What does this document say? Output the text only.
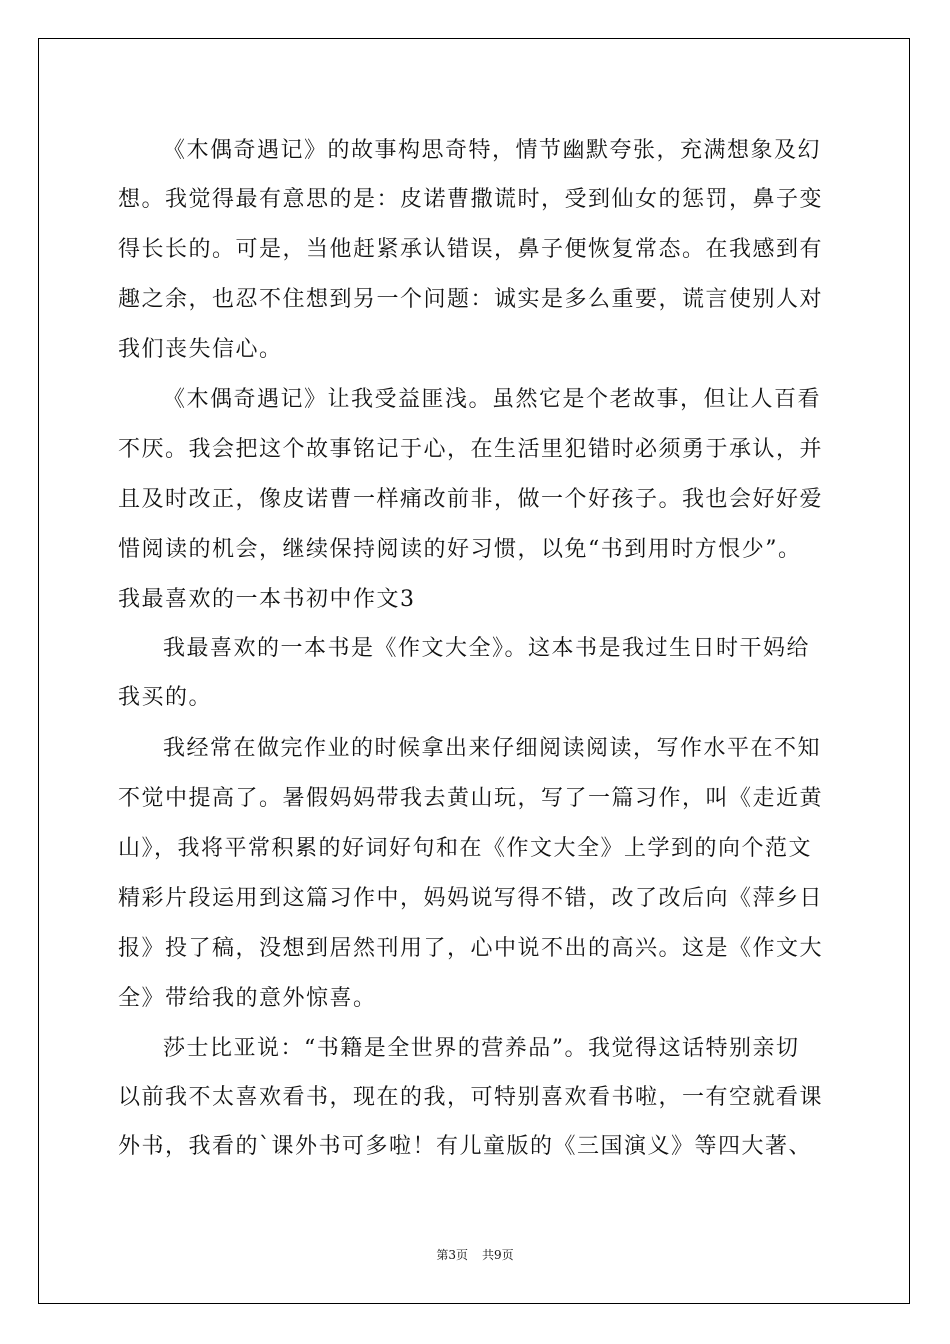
《木偶奇遇记》的故事构思奇特，情节幽默夸张，充满想象及幻

想。我觉得最有意思的是：皮诺曹撒谎时，受到仙女的惩罚，鼻子变

得长长的。可是，当他赶紧承认错误，鼻子便恢复常态。在我感到有

趣之余，也忍不住想到另一个问题：诚实是多么重要，谎言使别人对

我们丧失信心。

《木偶奇遇记》让我受益匪浅。虽然它是个老故事，但让人百看

不厌。我会把这个故事铭记于心，在生活里犯错时必须勇于承认，并

且及时改正，像皮诺曹一样痛改前非，做一个好孩子。我也会好好爱

惜阅读的机会，继续保持阅读的好习惯，以免“书到用时方恨少”。

我最喜欢的一本书初中作文3

我最喜欢的一本书是《作文大全》。这本书是我过生日时干妈给

我买的。

我经常在做完作业的时候拿出来仔细阅读阅读，写作水平在不知

不觉中提高了。暑假妈妈带我去黄山玩，写了一篇习作，叫《走近黄

山》，我将平常积累的好词好句和在《作文大全》上学到的向个范文

精彩片段运用到这篇习作中，妈妈说写得不错，改了改后向《萍乡日

报》投了稿，没想到居然刊用了，心中说不出的高兴。这是《作文大

全》带给我的意外惊喜。

莎士比亚说：“书籍是全世界的营养品”。我觉得这话特别亲切

以前我不太喜欢看书，现在的我，可特别喜欢看书啦，一有空就看课

外书，我看的`课外书可多啦！有儿童版的《三国演义》等四大著、

第3页 共9页
